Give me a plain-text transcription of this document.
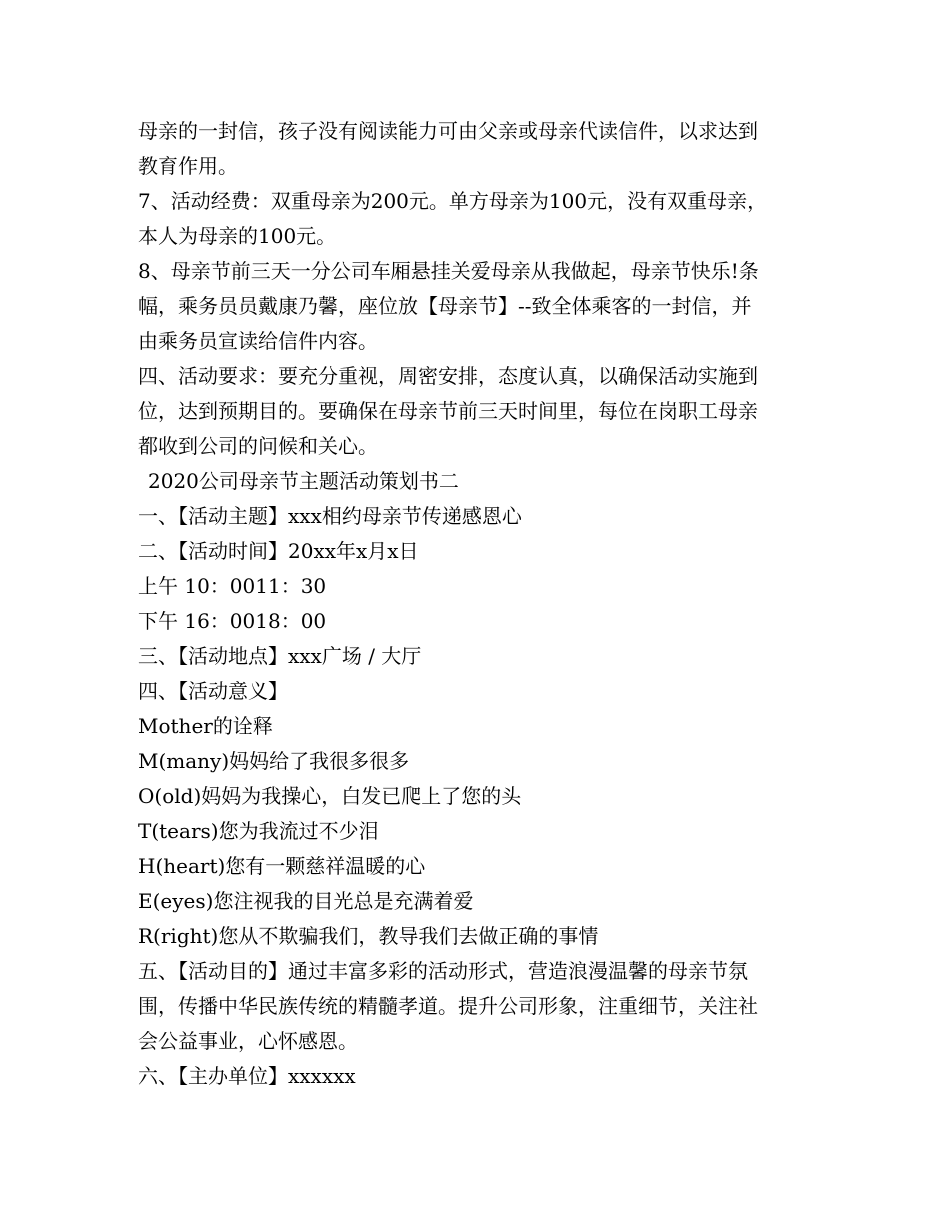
母亲的一封信，孩子没有阅读能力可由父亲或母亲代读信件，以求达到
教育作用。
7、活动经费：双重母亲为200元。单方母亲为100元，没有双重母亲，
本人为母亲的100元。
8、母亲节前三天一分公司车厢悬挂关爱母亲从我做起，母亲节快乐!条
幅，乘务员员戴康乃馨，座位放【母亲节】--致全体乘客的一封信，并
由乘务员宣读给信件内容。
四、活动要求：要充分重视，周密安排，态度认真，以确保活动实施到
位，达到预期目的。要确保在母亲节前三天时间里，每位在岗职工母亲
都收到公司的问候和关心。
2020公司母亲节主题活动策划书二
一、【活动主题】xxx相约母亲节传递感恩心
二、【活动时间】20xx年x月x日
上午 10：0011：30
下午 16：0018：00
三、【活动地点】xxx广场 / 大厅
四、【活动意义】
Mother的诠释
M(many)妈妈给了我很多很多
O(old)妈妈为我操心，白发已爬上了您的头
T(tears)您为我流过不少泪
H(heart)您有一颗慈祥温暖的心
E(eyes)您注视我的目光总是充满着爱
R(right)您从不欺骗我们，教导我们去做正确的事情
五、【活动目的】通过丰富多彩的活动形式，营造浪漫温馨的母亲节氛
围，传播中华民族传统的精髓孝道。提升公司形象，注重细节，关注社
会公益事业，心怀感恩。
六、【主办单位】xxxxxx
